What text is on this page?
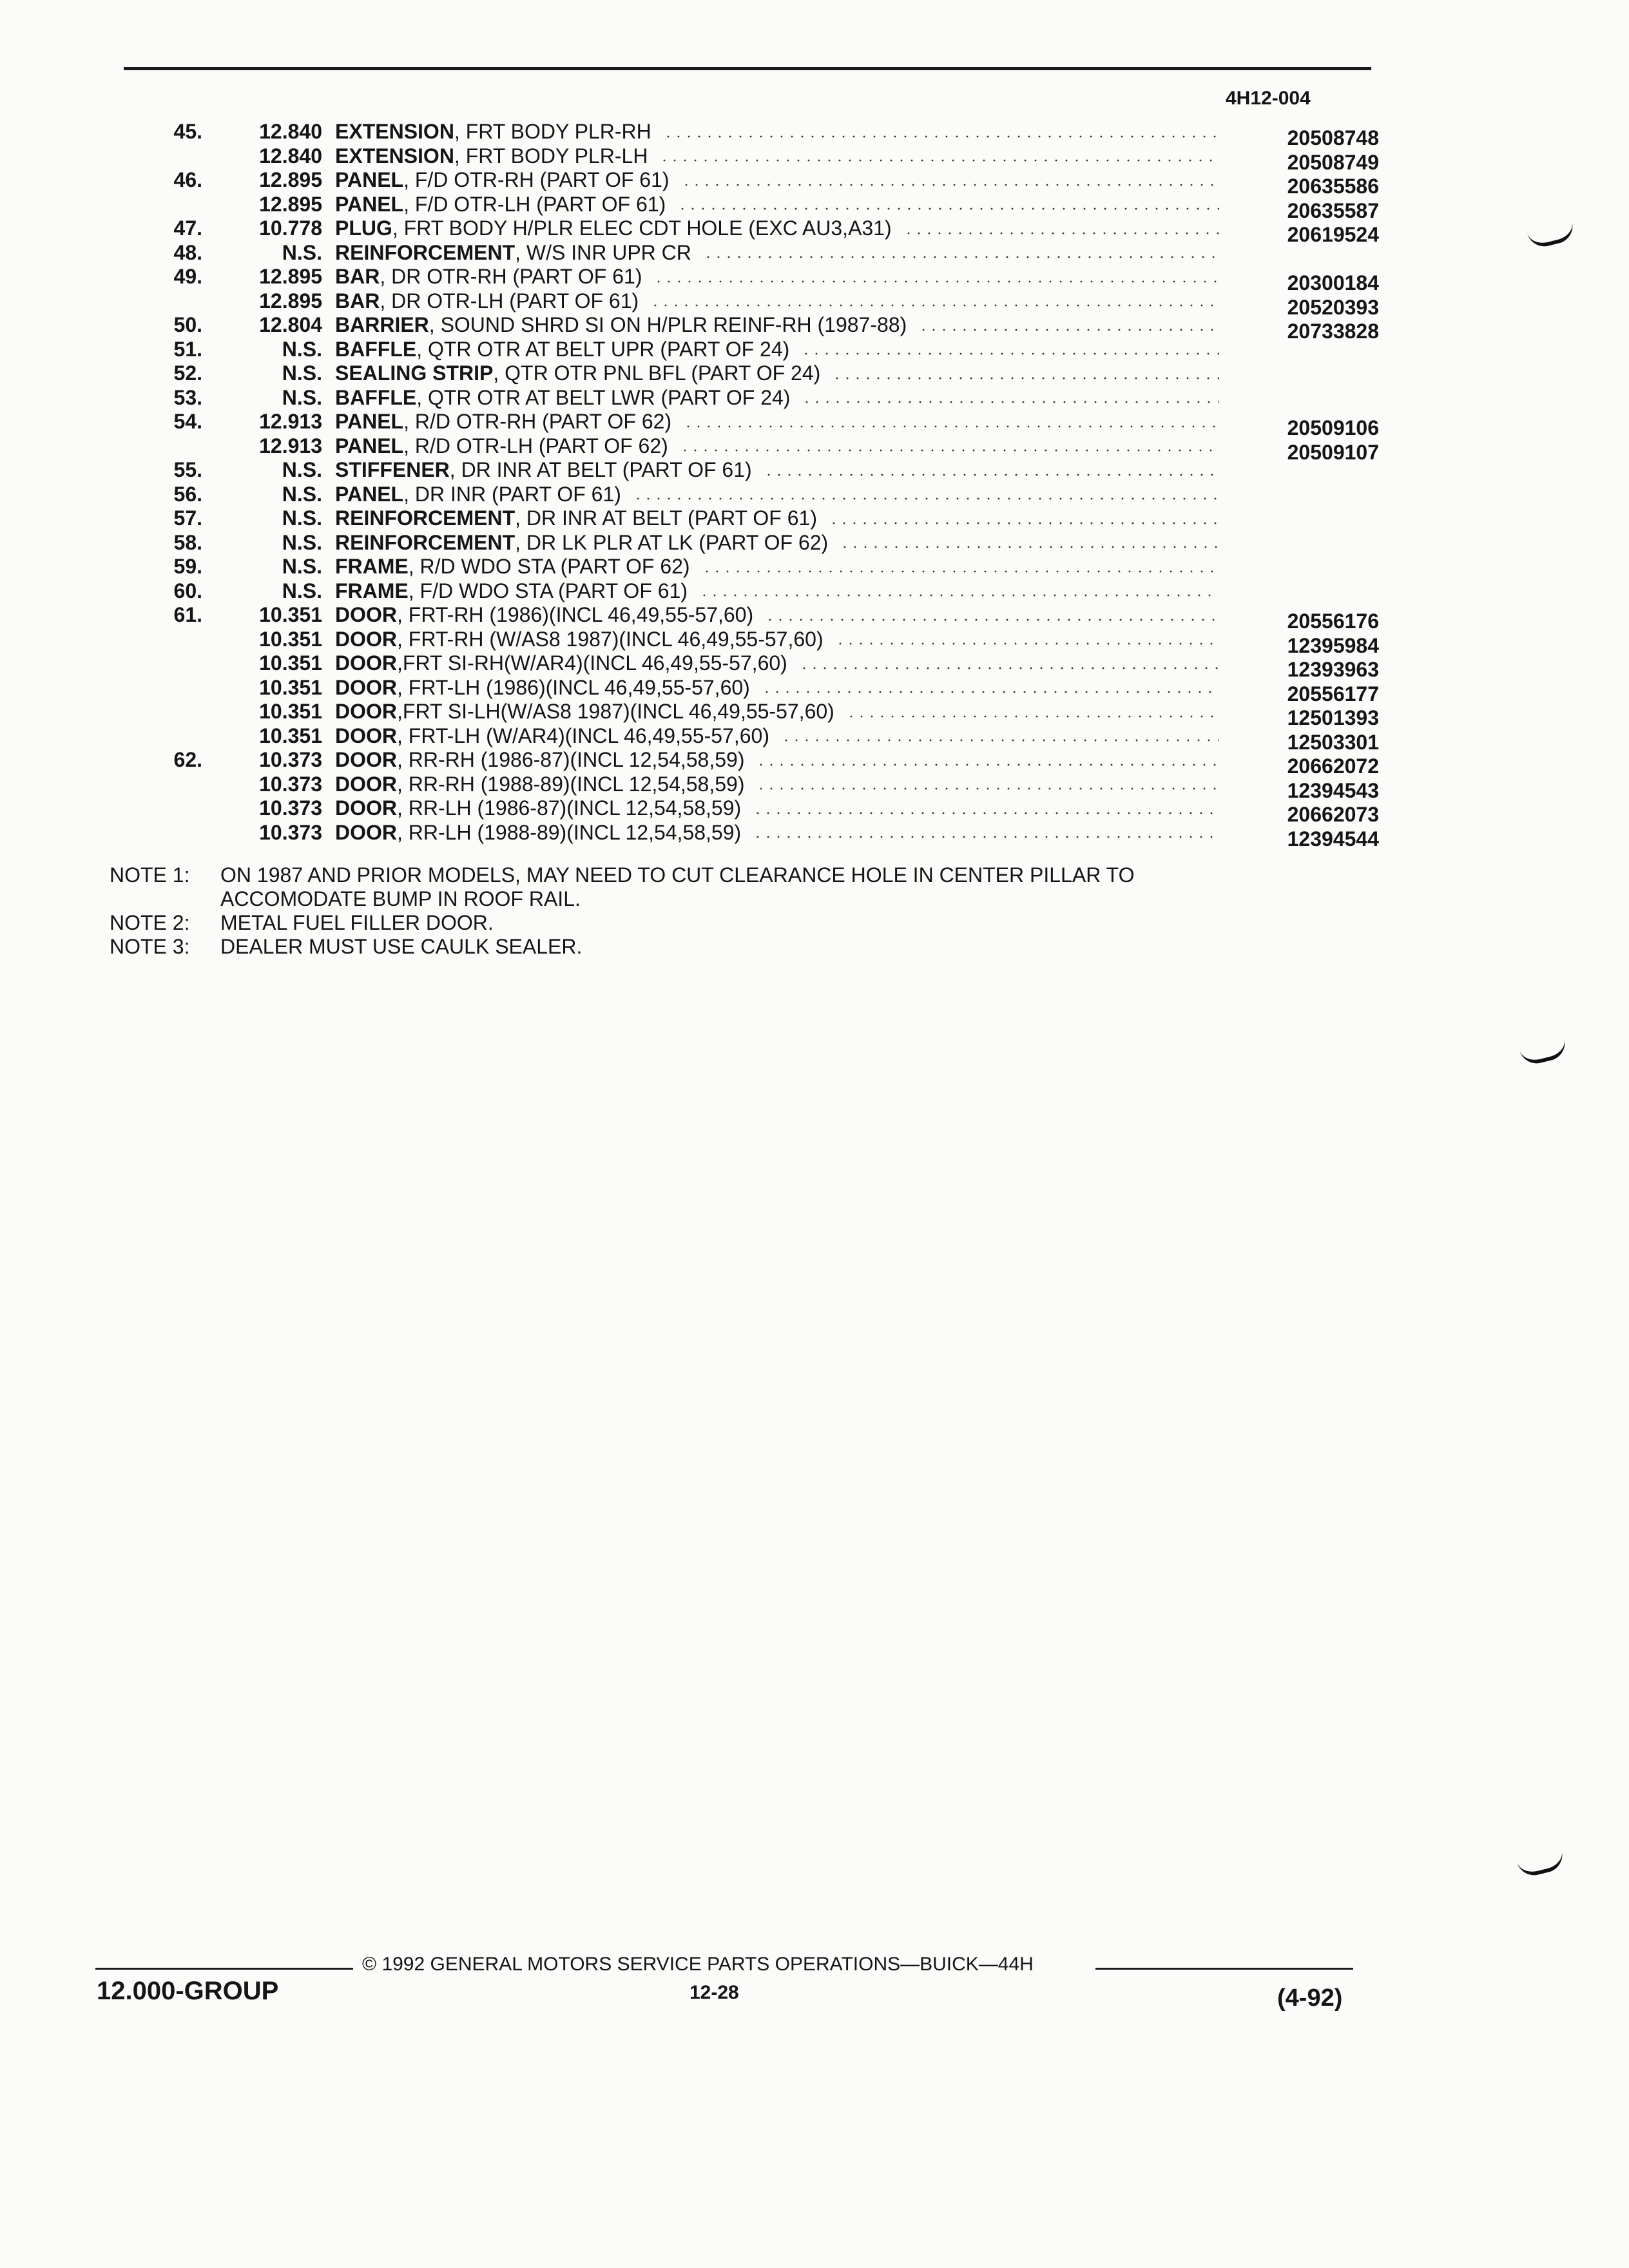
4H12-004
45.	12.840 EXTENSION, FRT BODY PLR-RH	20508748
12.840 EXTENSION, FRT BODY PLR-LH	20508749
46.	12.895 PANEL, F/D OTR-RH (PART OF 61)	20635586
12.895 PANEL, F/D OTR-LH (PART OF 61)	20635587
47.	10.778 PLUG, FRT BODY H/PLR ELEC CDT HOLE (EXC AU3,A31)	20619524
48.	N.S. REINFORCEMENT, W/S INR UPR CR
49.	12.895 BAR, DR OTR-RH (PART OF 61)	20300184
12.895 BAR, DR OTR-LH (PART OF 61)	20520393
50.	12.804 BARRIER, SOUND SHRD SI ON H/PLR REINF-RH (1987-88)	20733828
51.	N.S. BAFFLE, QTR OTR AT BELT UPR (PART OF 24)
52.	N.S. SEALING STRIP, QTR OTR PNL BFL (PART OF 24)
53.	N.S. BAFFLE, QTR OTR AT BELT LWR (PART OF 24)
54.	12.913 PANEL, R/D OTR-RH (PART OF 62)	20509106
12.913 PANEL, R/D OTR-LH (PART OF 62)	20509107
55.	N.S. STIFFENER, DR INR AT BELT (PART OF 61)
56.	N.S. PANEL, DR INR (PART OF 61)
57.	N.S. REINFORCEMENT, DR INR AT BELT (PART OF 61)
58.	N.S. REINFORCEMENT, DR LK PLR AT LK (PART OF 62)
59.	N.S. FRAME, R/D WDO STA (PART OF 62)
60.	N.S. FRAME, F/D WDO STA (PART OF 61)
61.	10.351 DOOR, FRT-RH (1986)(INCL 46,49,55-57,60)	20556176
10.351 DOOR, FRT-RH (W/AS8 1987)(INCL 46,49,55-57,60)	12395984
10.351 DOOR,FRT SI-RH(W/AR4)(INCL 46,49,55-57,60)	12393963
10.351 DOOR, FRT-LH (1986)(INCL 46,49,55-57,60)	20556177
10.351 DOOR,FRT SI-LH(W/AS8 1987)(INCL 46,49,55-57,60)	12501393
10.351 DOOR, FRT-LH (W/AR4)(INCL 46,49,55-57,60)	12503301
62.	10.373 DOOR, RR-RH (1986-87)(INCL 12,54,58,59)	20662072
10.373 DOOR, RR-RH (1988-89)(INCL 12,54,58,59)	12394543
10.373 DOOR, RR-LH (1986-87)(INCL 12,54,58,59)	20662073
10.373 DOOR, RR-LH (1988-89)(INCL 12,54,58,59)	12394544
NOTE 1:	ON 1987 AND PRIOR MODELS, MAY NEED TO CUT CLEARANCE HOLE IN CENTER PILLAR TO
ACCOMODATE BUMP IN ROOF RAIL.
NOTE 2:	METAL FUEL FILLER DOOR.
NOTE 3:	DEALER MUST USE CAULK SEALER.
12.000-GROUP
© 1992 GENERAL MOTORS SERVICE PARTS OPERATIONS—BUICK—44H
12-28	(4-92)
